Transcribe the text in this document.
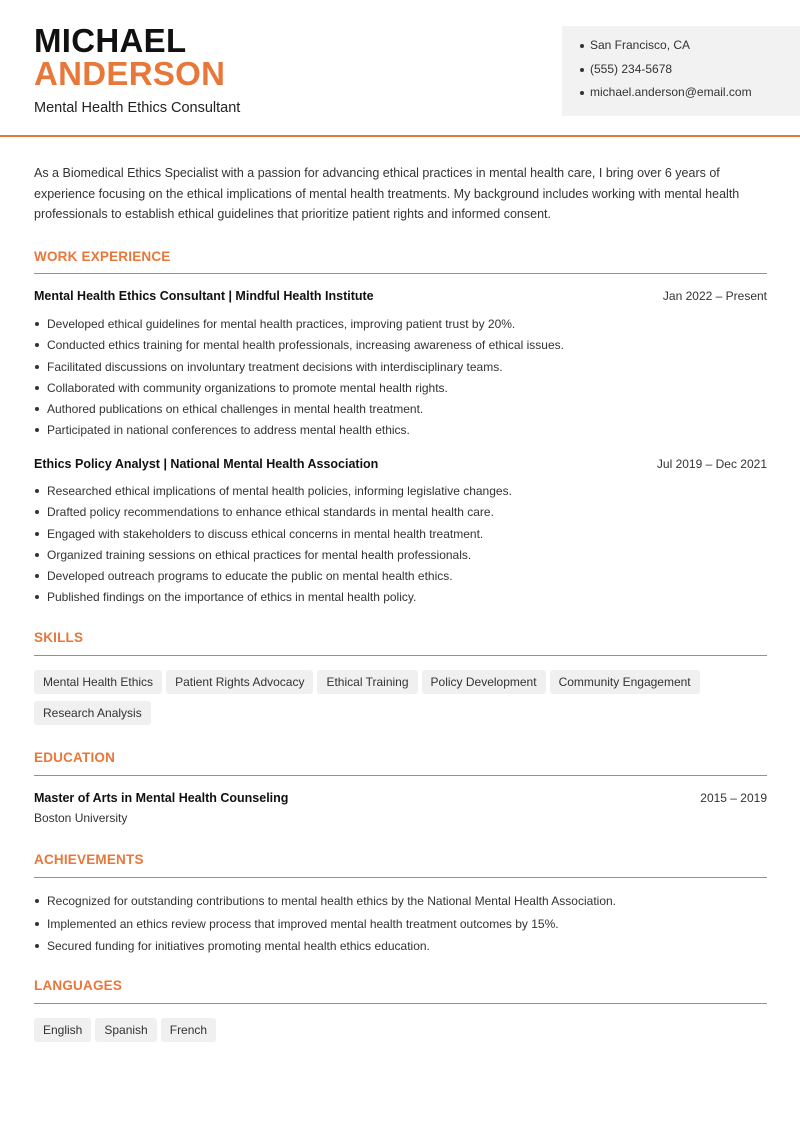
MICHAEL
ANDERSON
Mental Health Ethics Consultant
San Francisco, CA
(555) 234-5678
michael.anderson@email.com

As a Biomedical Ethics Specialist with a passion for advancing ethical practices in mental health care, I bring over 6 years of experience focusing on the ethical implications of mental health treatments. My background includes working with mental health professionals to establish ethical guidelines that prioritize patient rights and informed consent.

WORK EXPERIENCE
Mental Health Ethics Consultant | Mindful Health Institute	Jan 2022 – Present
Developed ethical guidelines for mental health practices, improving patient trust by 20%.
Conducted ethics training for mental health professionals, increasing awareness of ethical issues.
Facilitated discussions on involuntary treatment decisions with interdisciplinary teams.
Collaborated with community organizations to promote mental health rights.
Authored publications on ethical challenges in mental health treatment.
Participated in national conferences to address mental health ethics.
Ethics Policy Analyst | National Mental Health Association	Jul 2019 – Dec 2021
Researched ethical implications of mental health policies, informing legislative changes.
Drafted policy recommendations to enhance ethical standards in mental health care.
Engaged with stakeholders to discuss ethical concerns in mental health treatment.
Organized training sessions on ethical practices for mental health professionals.
Developed outreach programs to educate the public on mental health ethics.
Published findings on the importance of ethics in mental health policy.
SKILLS
Mental Health Ethics Patient Rights Advocacy Ethical Training Policy Development Community Engagement
Research Analysis
EDUCATION
Master of Arts in Mental Health Counseling	2015 – 2019
Boston University
ACHIEVEMENTS
Recognized for outstanding contributions to mental health ethics by the National Mental Health Association.
Implemented an ethics review process that improved mental health treatment outcomes by 15%.
Secured funding for initiatives promoting mental health ethics education.
LANGUAGES
English Spanish French
